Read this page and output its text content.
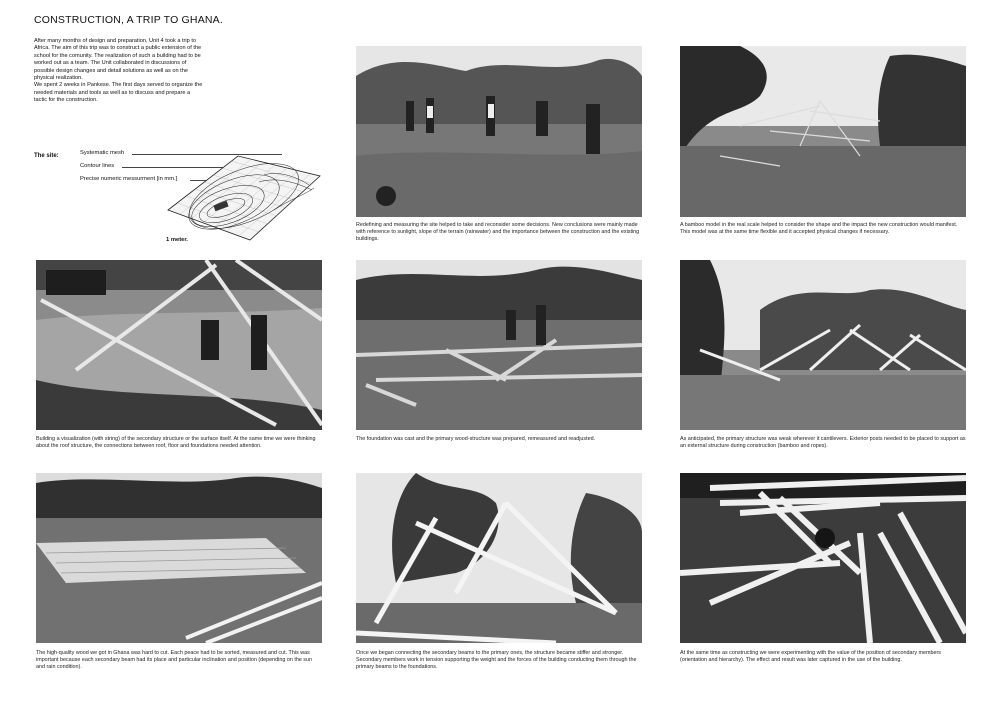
CONSTRUCTION, A TRIP TO GHANA.

After many months of design and preparation, Unit 4 took a trip to Africa. The aim of this trip was to construct a public extension of the school for the comunity. The realization of such a building had to be worked out as a team. The Unit collaborated in discussions of possible design changes and detail solutions as well as on the physical realization.

We spent 2 weeks in Pankese. The first days served to organize the needed materials and tools as well as to discuss and prepare a tactic for the construction.

The site:	Systematic mesh
Contour lines
Precise numeric messurment [in mm.]
1 meter.
Redefining and measuring the site helped to take and reconsider some decisions. New conclusions were mainly made with reference to sunlight, slope of the terrain (rainwater) and the importance between the construction and the existing buildings.
A bamboo model in the real scale helped to consider the shape and the impact the new construction would manifest. This model was at the same time flexible and it accepted physical changes if necessary.
Building a visualization (with string) of the secondary structure or the surface itself. At the same time we were thinking about the roof structure, the connections between roof, floor and foundations needed attention.
The foundation was cast and the primary wood-structure was prepared, remeasured and readjusted.	As anticipated, the primary structure was weak wherever it cantilevers. Exterior posts needed to be placed to support as an external structure during construction (bamboo and ropes).
The high-quality wood we got in Ghana was hard to cut. Each peace had to be sorted, measured and cut. This was important because each secondary beam had its place and particular inclination and position (depending on the sun and rain condition).
Once we began connecting the secondary beams to the primary ones, the structure became stiffer and stronger. Secondary members work in tension supporting the weight and the forces of the building conducting them through the primary beams to the foundations.
At the same time as constructing we were experimenting with the value of the position of secondary members (orientation and hierarchy). The effect and result was later captured in the use of the building.
